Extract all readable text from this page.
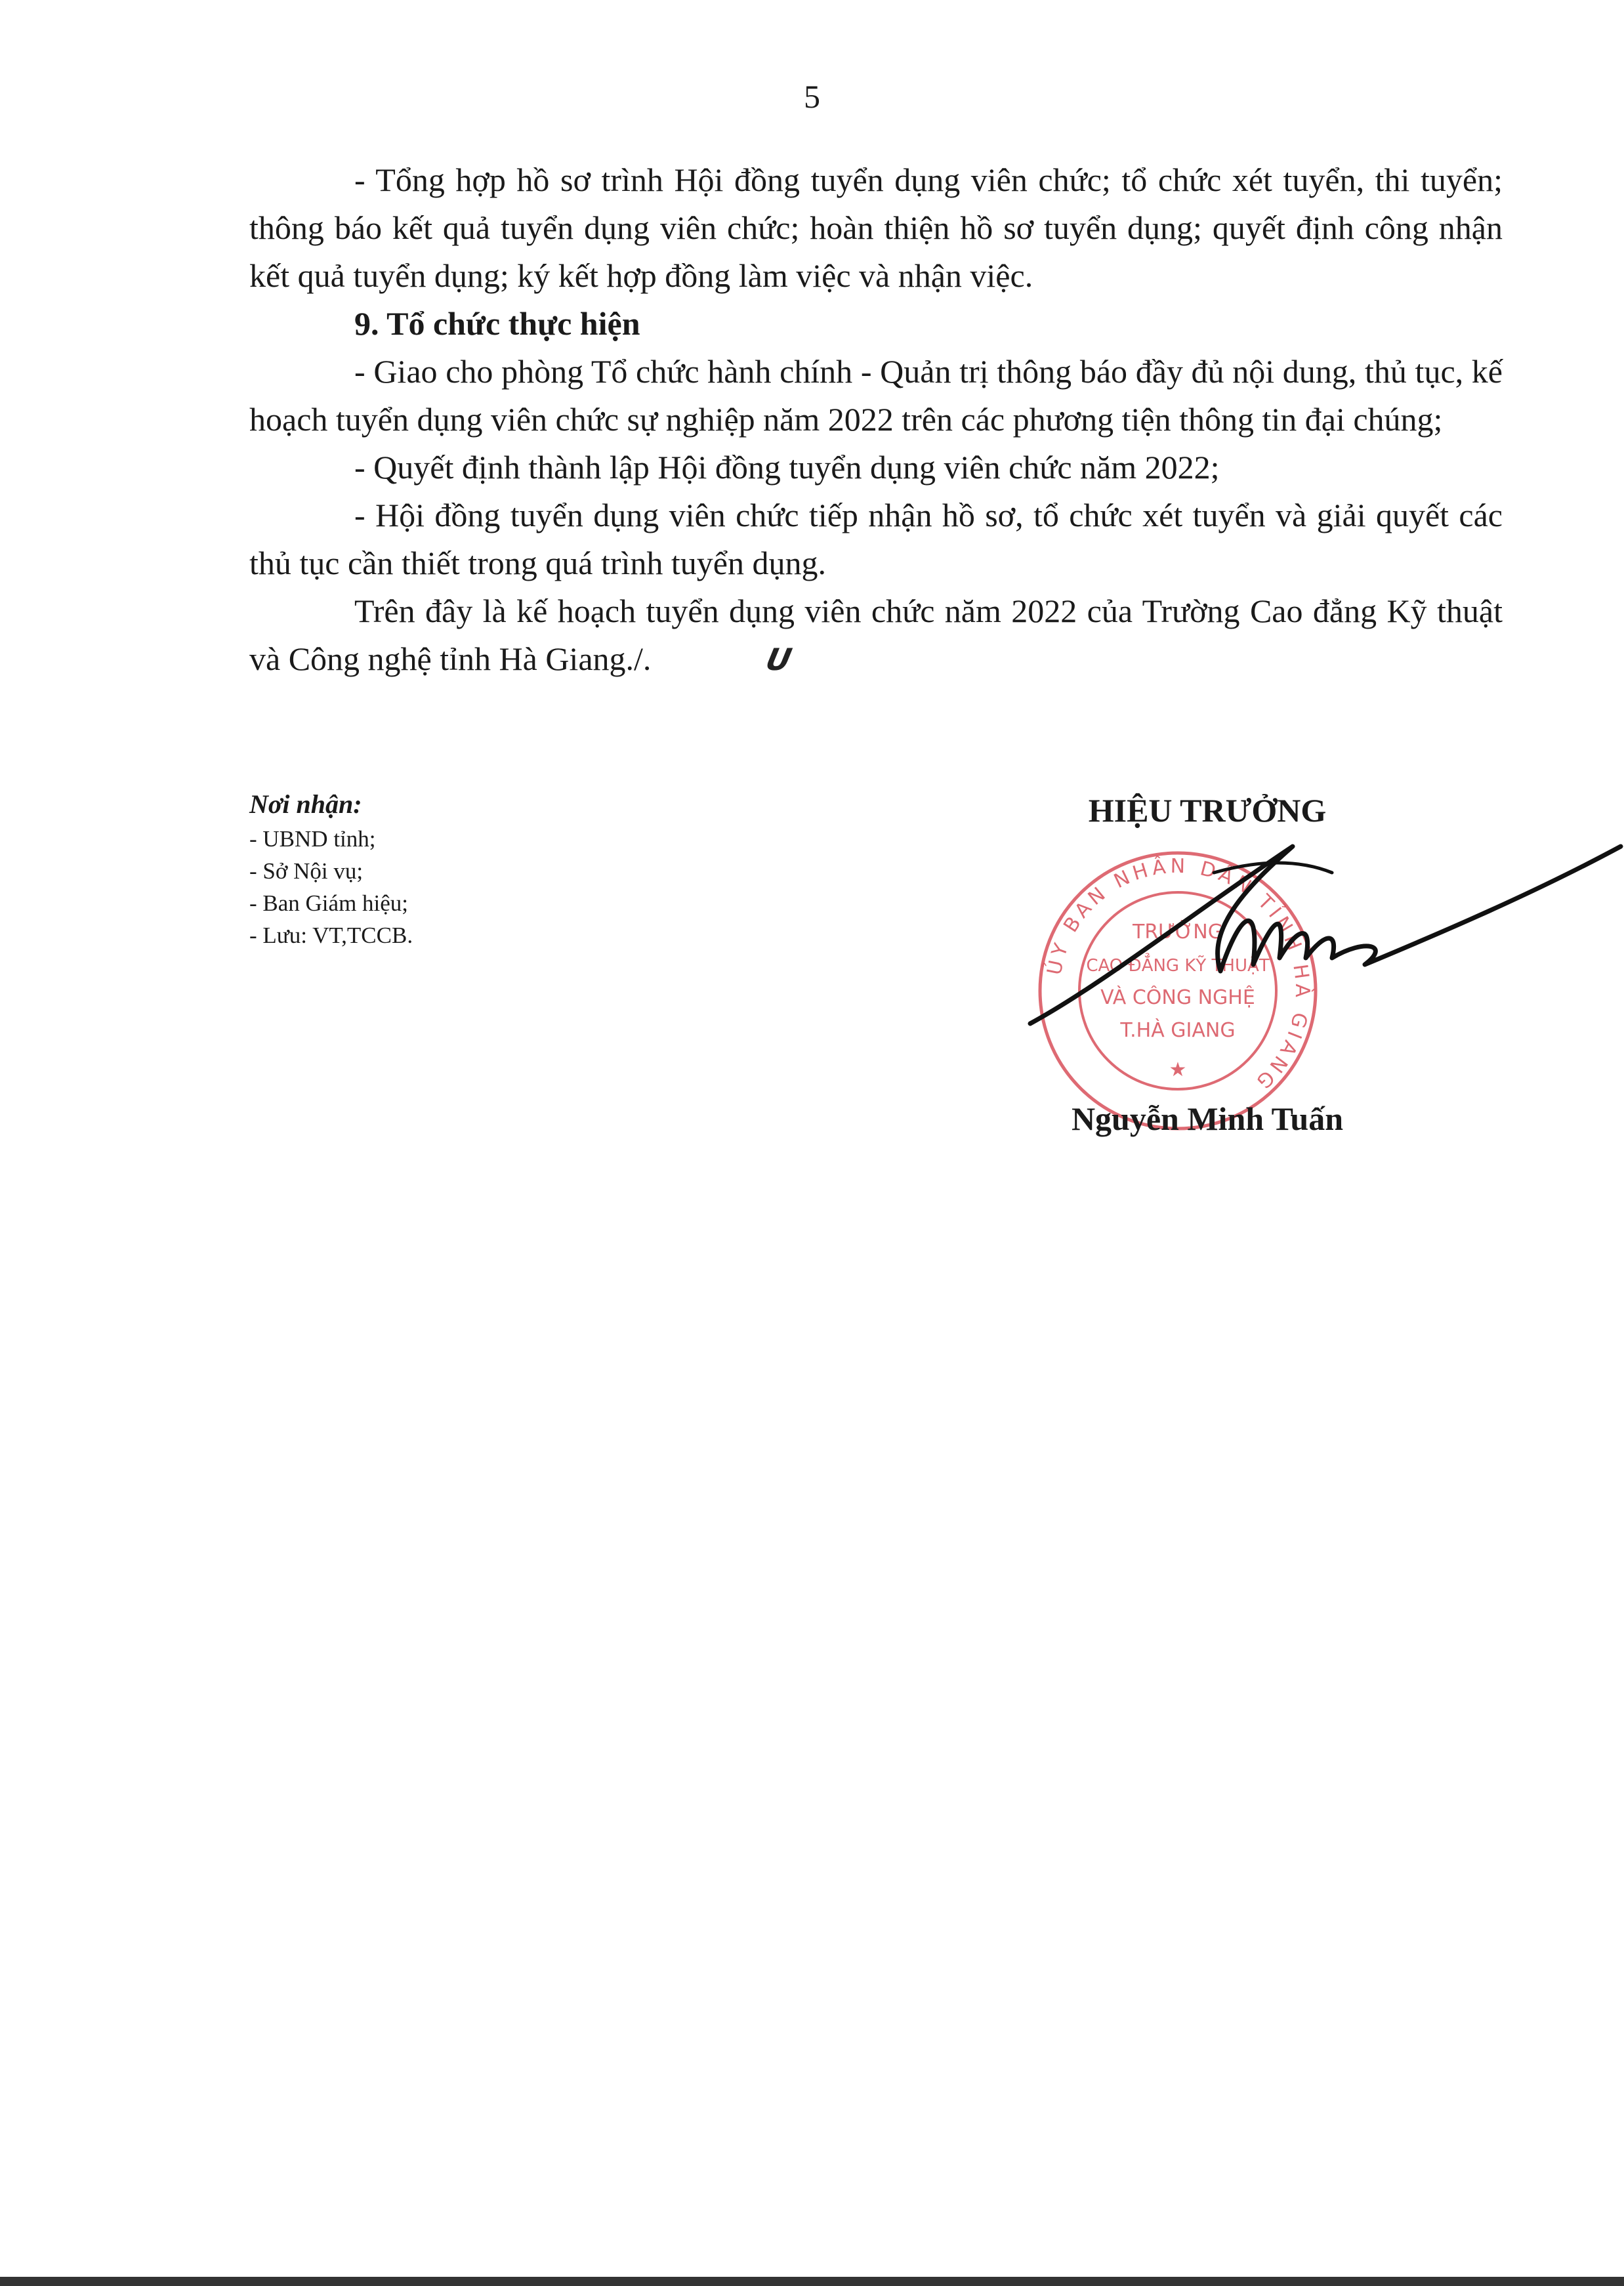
5

- Tổng hợp hồ sơ trình Hội đồng tuyển dụng viên chức; tổ chức xét tuyển, thi tuyển; thông báo kết quả tuyển dụng viên chức; hoàn thiện hồ sơ tuyển dụng; quyết định công nhận kết quả tuyển dụng; ký kết hợp đồng làm việc và nhận việc.

9. Tổ chức thực hiện

- Giao cho phòng Tổ chức hành chính - Quản trị thông báo đầy đủ nội dung, thủ tục, kế hoạch tuyển dụng viên chức sự nghiệp năm 2022 trên các phương tiện thông tin đại chúng;

- Quyết định thành lập Hội đồng tuyển dụng viên chức năm 2022;

- Hội đồng tuyển dụng viên chức tiếp nhận hồ sơ, tổ chức xét tuyển và giải quyết các thủ tục cần thiết trong quá trình tuyển dụng.

Trên đây là kế hoạch tuyển dụng viên chức năm 2022 của Trường Cao đẳng Kỹ thuật và Công nghệ tỉnh Hà Giang./.	U

Nơi nhận:
- UBND tỉnh;
- Sở Nội vụ;
- Ban Giám hiệu;
- Lưu: VT,TCCB.
HIỆU TRƯỞNG
ỦY BAN NHÂN DÂN TỈNH HÀ GIANG
TRƯỜNG
CAO ĐẲNG KỸ THUẬT
VÀ CÔNG NGHỆ
T.HÀ GIANG
★
Nguyễn Minh Tuấn
